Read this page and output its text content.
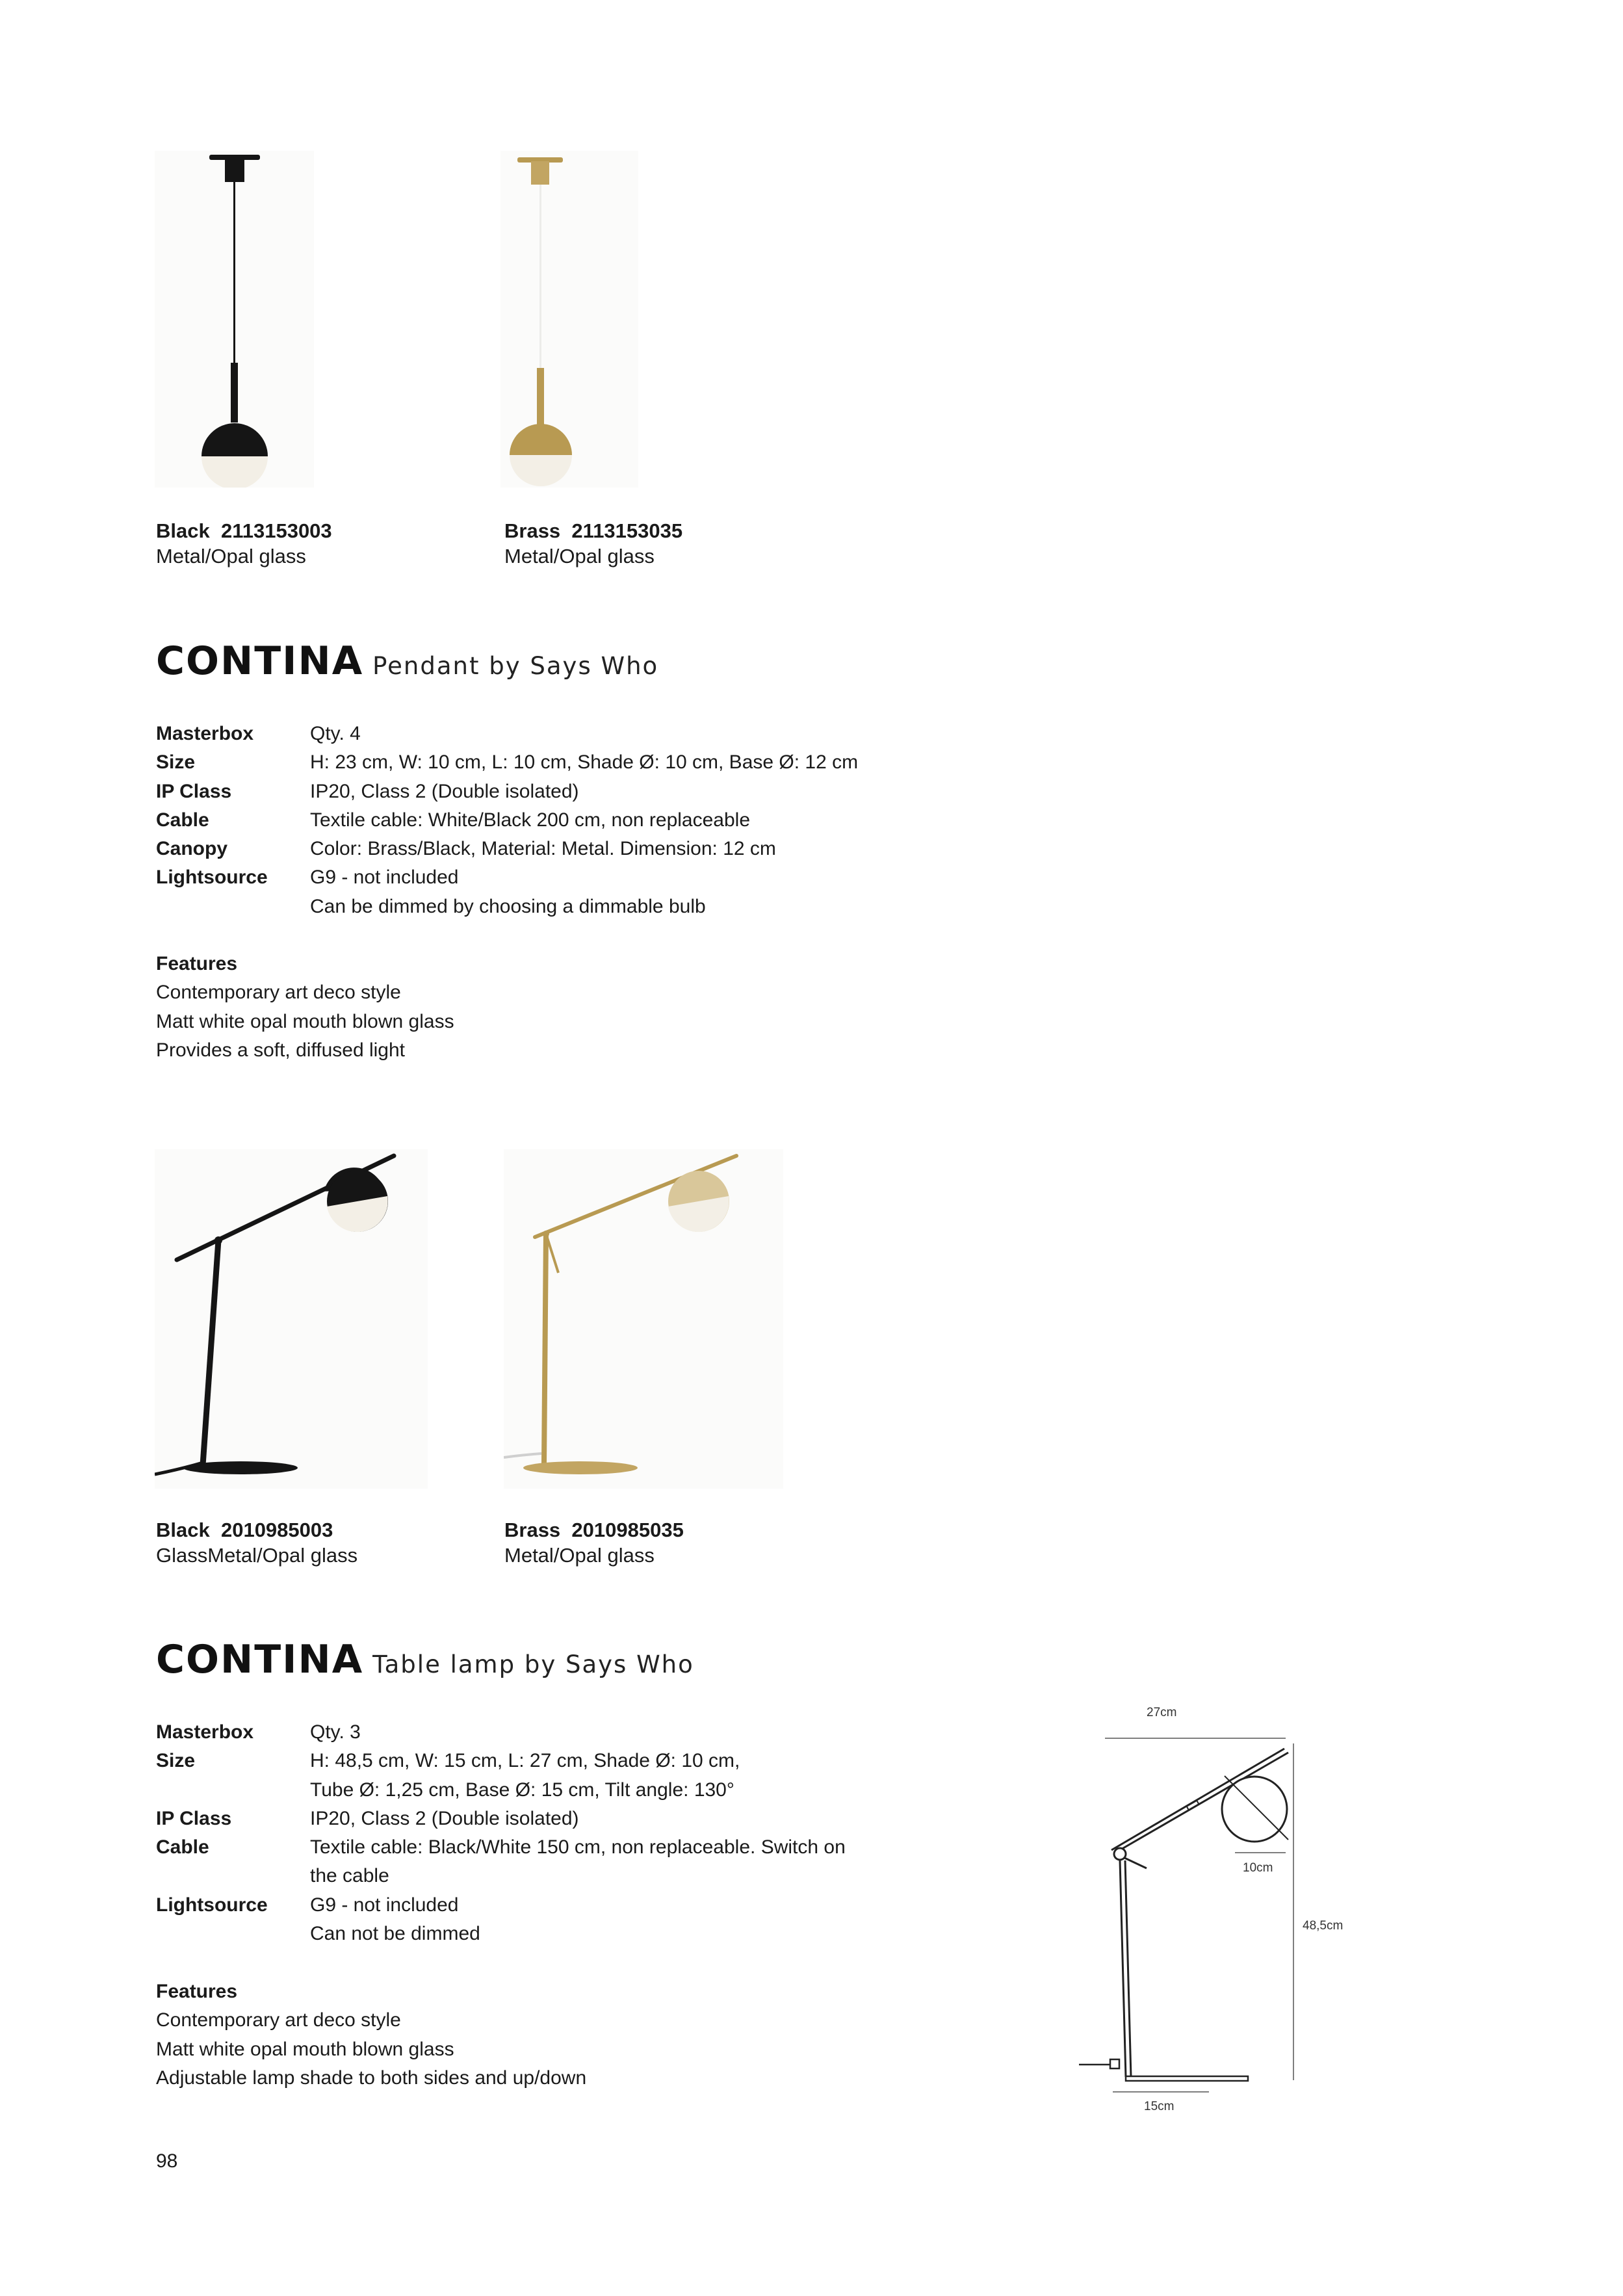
Black 2113153003
Metal/Opal glass
Brass 2113153035
Metal/Opal glass
CONTINA Pendant by Says Who
Masterbox	Qty. 4
Size	H: 23 cm, W: 10 cm, L: 10 cm, Shade Ø: 10 cm, Base Ø: 12 cm
IP Class	IP20, Class 2 (Double isolated)
Cable	Textile cable: White/Black 200 cm, non replaceable
Canopy	Color: Brass/Black, Material: Metal. Dimension: 12 cm
Lightsource	G9 - not included
	Can be dimmed by choosing a dimmable bulb
Features
Contemporary art deco style
Matt white opal mouth blown glass
Provides a soft, diffused light
Black 2010985003
GlassMetal/Opal glass
Brass 2010985035
Metal/Opal glass
CONTINA Table lamp by Says Who
Masterbox	Qty. 3
Size	H: 48,5 cm, W: 15 cm, L: 27 cm, Shade Ø: 10 cm,
	Tube Ø: 1,25 cm, Base Ø: 15 cm, Tilt angle: 130°
IP Class	IP20, Class 2 (Double isolated)
Cable	Textile cable: Black/White 150 cm, non replaceable. Switch on
	the cable
Lightsource	G9 - not included
	Can not be dimmed
Features
Contemporary art deco style
Matt white opal mouth blown glass
Adjustable lamp shade to both sides and up/down
27cm
10cm
48,5cm
15cm
98
